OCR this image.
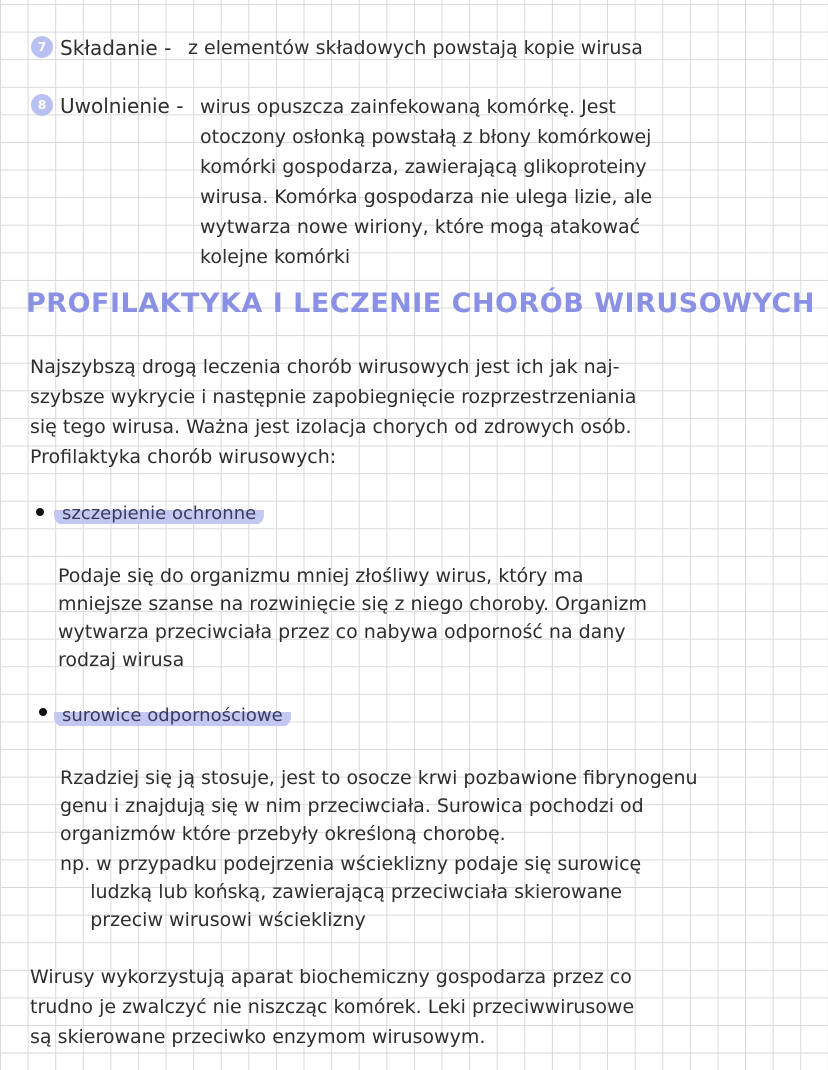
7 Składanie - z elementów składowych powstają kopie wirusa
8 Uwolnienie - wirus opuszcza zainfekowaną komórkę. Jest
otoczony osłonką powstałą z błony komórkowej
komórki gospodarza, zawierającą glikoproteiny
wirusa. Komórka gospodarza nie ulega lizie, ale
wytwarza nowe wiriony, które mogą atakować
kolejne komórki
PROFILAKTYKA I LECZENIE CHORÓB WIRUSOWYCH
Najszybszą drogą leczenia chorób wirusowych jest ich jak naj-
szybsze wykrycie i następnie zapobiegnięcie rozprzestrzeniania
się tego wirusa. Ważna jest izolacja chorych od zdrowych osób.
Profilaktyka chorób wirusowych:
szczepienie ochronne
Podaje się do organizmu mniej złośliwy wirus, który ma
mniejsze szanse na rozwinięcie się z niego choroby. Organizm
wytwarza przeciwciała przez co nabywa odporność na dany
rodzaj wirusa
surowice odpornościowe
Rzadziej się ją stosuje, jest to osocze krwi pozbawione fibrynogenu
genu i znajdują się w nim przeciwciała. Surowica pochodzi od
organizmów które przebyły określoną chorobę.
np. w przypadku podejrzenia wścieklizny podaje się surowicę
ludzką lub końską, zawierającą przeciwciała skierowane
przeciw wirusowi wścieklizny
Wirusy wykorzystują aparat biochemiczny gospodarza przez co
trudno je zwalczyć nie niszcząc komórek. Leki przeciwwirusowe
są skierowane przeciwko enzymom wirusowym.
